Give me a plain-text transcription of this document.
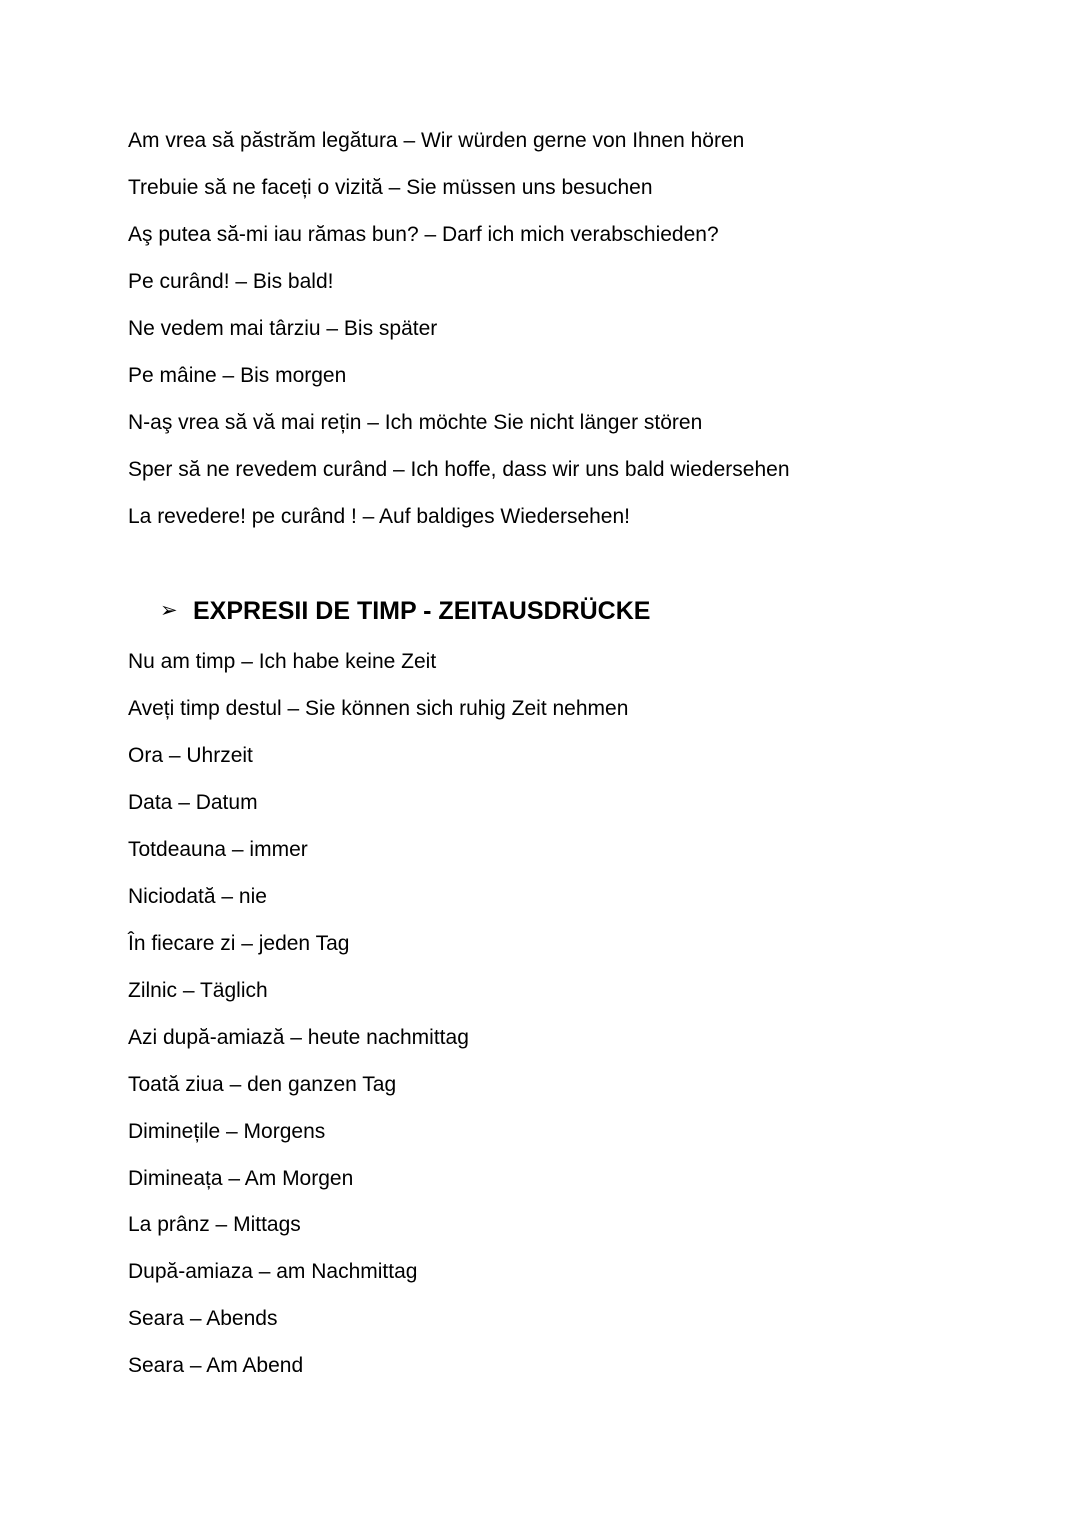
Am vrea să păstrăm legătura – Wir würden gerne von Ihnen hören
Trebuie să ne faceți o vizită – Sie müssen uns besuchen
Aş putea să-mi iau rămas bun? – Darf ich mich verabschieden?
Pe curând! – Bis bald!
Ne vedem mai târziu – Bis später
Pe mâine – Bis morgen
N-aş vrea să vă mai rețin – Ich möchte Sie nicht länger stören
Sper să ne revedem curând – Ich hoffe, dass wir uns bald wiedersehen
La revedere! pe curând ! – Auf baldiges Wiedersehen!
➢ EXPRESII DE TIMP - ZEITAUSDRÜCKE
Nu am timp – Ich habe keine Zeit
Aveți timp destul – Sie können sich ruhig Zeit nehmen
Ora – Uhrzeit
Data – Datum
Totdeauna – immer
Niciodată – nie
În fiecare zi – jeden Tag
Zilnic – Täglich
Azi după-amiază – heute nachmittag
Toată ziua – den ganzen Tag
Diminețile – Morgens
Dimineața – Am Morgen
La prânz – Mittags
După-amiaza – am Nachmittag
Seara – Abends
Seara – Am Abend
